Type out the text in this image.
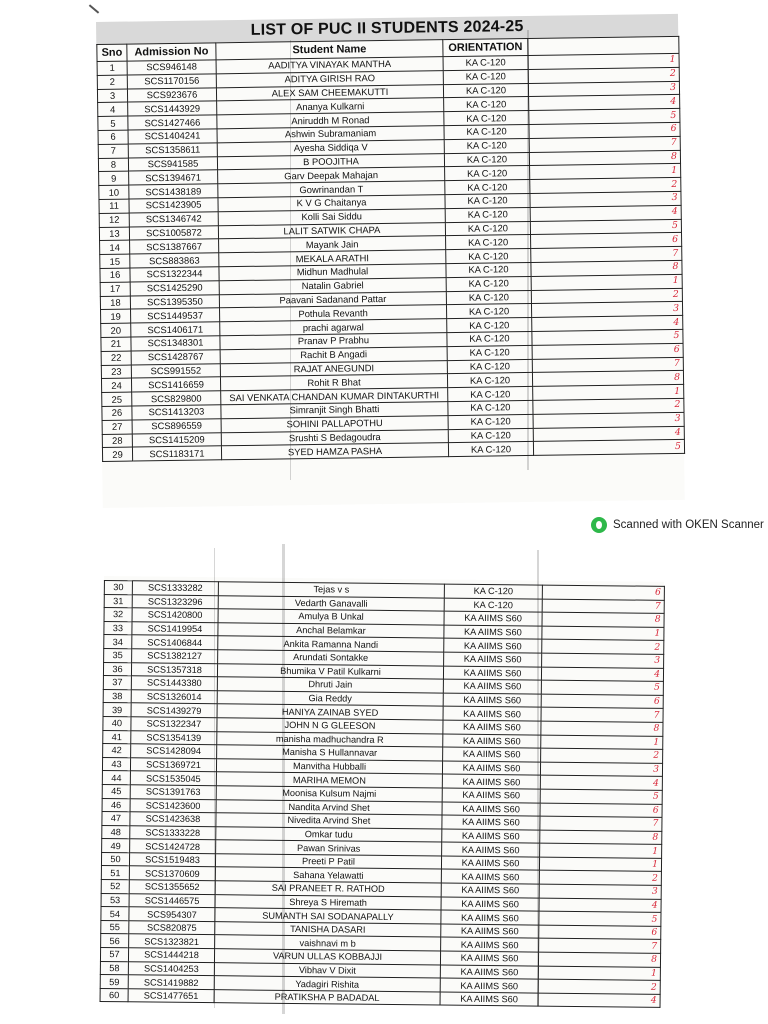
LIST OF PUC II STUDENTS 2024-25
Sno	Admission No	Student Name	ORIENTATION	
1	SCS946148	AADITYA VINAYAK MANTHA	KA C-120	1
2	SCS1170156	ADITYA GIRISH RAO	KA C-120	2
3	SCS923676	ALEX SAM CHEEMAKUTTI	KA C-120	3
4	SCS1443929	Ananya Kulkarni	KA C-120	4
5	SCS1427466	Aniruddh M Ronad	KA C-120	5
6	SCS1404241	Ashwin Subramaniam	KA C-120	6
7	SCS1358611	Ayesha Siddiqa V	KA C-120	7
8	SCS941585	B POOJITHA	KA C-120	8
9	SCS1394671	Garv Deepak Mahajan	KA C-120	1
10	SCS1438189	Gowrinandan T	KA C-120	2
11	SCS1423905	K V G Chaitanya	KA C-120	3
12	SCS1346742	Kolli Sai Siddu	KA C-120	4
13	SCS1005872	LALIT SATWIK CHAPA	KA C-120	5
14	SCS1387667	Mayank Jain	KA C-120	6
15	SCS883863	MEKALA ARATHI	KA C-120	7
16	SCS1322344	Midhun Madhulal	KA C-120	8
17	SCS1425290	Natalin Gabriel	KA C-120	1
18	SCS1395350	Paavani Sadanand Pattar	KA C-120	2
19	SCS1449537	Pothula Revanth	KA C-120	3
20	SCS1406171	prachi agarwal	KA C-120	4
21	SCS1348301	Pranav P Prabhu	KA C-120	5
22	SCS1428767	Rachit B Angadi	KA C-120	6
23	SCS991552	RAJAT ANEGUNDI	KA C-120	7
24	SCS1416659	Rohit R Bhat	KA C-120	8
25	SCS829800	SAI VENKATA CHANDAN KUMAR DINTAKURTHI	KA C-120	1
26	SCS1413203	Simranjit Singh Bhatti	KA C-120	2
27	SCS896559	SOHINI PALLAPOTHU	KA C-120	3
28	SCS1415209	Srushti S Bedagoudra	KA C-120	4
29	SCS1183171	SYED HAMZA PASHA	KA C-120	5
Scanned with OKEN Scanner
30	SCS1333282	Tejas v s	KA C-120	6
31	SCS1323296	Vedarth Ganavalli	KA C-120	7
32	SCS1420800	Amulya B Unkal	KA AIIMS S60	8
33	SCS1419954	Anchal Belamkar	KA AIIMS S60	1
34	SCS1406844	Ankita Ramanna Nandi	KA AIIMS S60	2
35	SCS1382127	Arundati Sontakke	KA AIIMS S60	3
36	SCS1357318	Bhumika V Patil Kulkarni	KA AIIMS S60	4
37	SCS1443380	Dhruti Jain	KA AIIMS S60	5
38	SCS1326014	Gia Reddy	KA AIIMS S60	6
39	SCS1439279	HANIYA ZAINAB SYED	KA AIIMS S60	7
40	SCS1322347	JOHN N G GLEESON	KA AIIMS S60	8
41	SCS1354139	manisha madhuchandra R	KA AIIMS S60	1
42	SCS1428094	Manisha S Hullannavar	KA AIIMS S60	2
43	SCS1369721	Manvitha Hubballi	KA AIIMS S60	3
44	SCS1535045	MARIHA MEMON	KA AIIMS S60	4
45	SCS1391763	Moonisa Kulsum Najmi	KA AIIMS S60	5
46	SCS1423600	Nandita Arvind Shet	KA AIIMS S60	6
47	SCS1423638	Nivedita Arvind Shet	KA AIIMS S60	7
48	SCS1333228	Omkar tudu	KA AIIMS S60	8
49	SCS1424728	Pawan Srinivas	KA AIIMS S60	1
50	SCS1519483	Preeti P Patil	KA AIIMS S60	1
51	SCS1370609	Sahana Yelawatti	KA AIIMS S60	2
52	SCS1355652	SAI PRANEET R. RATHOD	KA AIIMS S60	3
53	SCS1446575	Shreya S Hiremath	KA AIIMS S60	4
54	SCS954307	SUMANTH SAI SODANAPALLY	KA AIIMS S60	5
55	SCS820875	TANISHA DASARI	KA AIIMS S60	6
56	SCS1323821	vaishnavi m b	KA AIIMS S60	7
57	SCS1444218	VARUN ULLAS KOBBAJJI	KA AIIMS S60	8
58	SCS1404253	Vibhav V Dixit	KA AIIMS S60	1
59	SCS1419882	Yadagiri Rishita	KA AIIMS S60	2
60	SCS1477651	PRATIKSHA P BADADAL	KA AIIMS S60	4
